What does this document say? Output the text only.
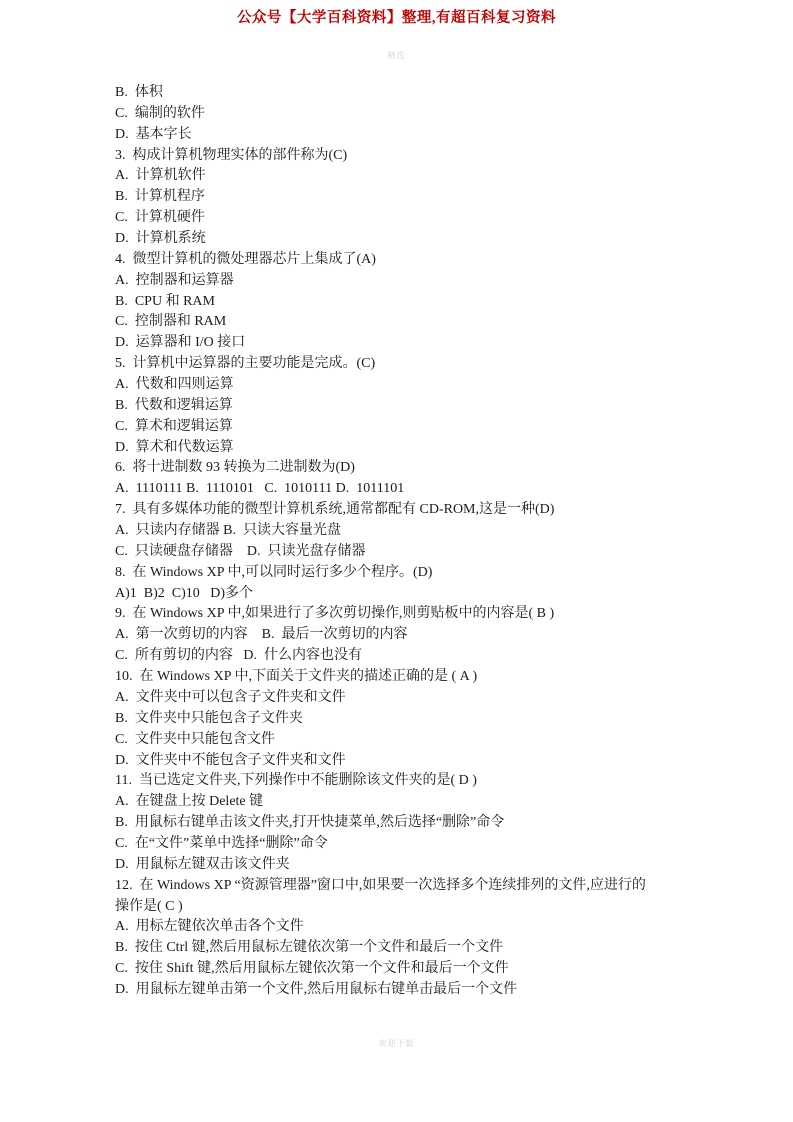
公众号【大学百科资料】整理,有超百科复习资料
精选
B.  体积
C.  编制的软件
D.  基本字长
3.  构成计算机物理实体的部件称为(C)
A.  计算机软件
B.  计算机程序
C.  计算机硬件
D.  计算机系统
4.  微型计算机的微处理器芯片上集成了(A)
A.  控制器和运算器
B.  CPU 和 RAM
C.  控制器和 RAM
D.  运算器和 I/O 接口
5.  计算机中运算器的主要功能是完成。(C)
A.  代数和四则运算
B.  代数和逻辑运算
C.  算术和逻辑运算
D.  算术和代数运算
6.  将十进制数 93 转换为二进制数为(D)
A.  1110111 B.  1110101   C.  1010111 D.  1011101
7.  具有多媒体功能的微型计算机系统,通常都配有 CD-ROM,这是一种(D)
A.  只读内存储器 B.  只读大容量光盘
C.  只读硬盘存储器    D.  只读光盘存储器
8.  在 Windows XP 中,可以同时运行多少个程序。(D)
A)1  B)2  C)10   D)多个
9.  在 Windows XP 中,如果进行了多次剪切操作,则剪贴板中的内容是( B )
A.  第一次剪切的内容    B.  最后一次剪切的内容
C.  所有剪切的内容   D.  什么内容也没有
10.  在 Windows XP 中,下面关于文件夹的描述正确的是 ( A )
A.  文件夹中可以包含子文件夹和文件
B.  文件夹中只能包含子文件夹
C.  文件夹中只能包含文件
D.  文件夹中不能包含子文件夹和文件
11.  当已选定文件夹,下列操作中不能删除该文件夹的是( D )
A.  在键盘上按 Delete 键
B.  用鼠标右键单击该文件夹,打开快捷菜单,然后选择“删除”命令
C.  在“文件”菜单中选择“删除”命令
D.  用鼠标左键双击该文件夹
12.  在 Windows XP “资源管理器”窗口中,如果要一次选择多个连续排列的文件,应进行的
操作是( C )
A.  用标左键依次单击各个文件
B.  按住 Ctrl 键,然后用鼠标左键依次第一个文件和最后一个文件
C.  按住 Shift 键,然后用鼠标左键依次第一个文件和最后一个文件
D.  用鼠标左键单击第一个文件,然后用鼠标右键单击最后一个文件
欢迎下载
